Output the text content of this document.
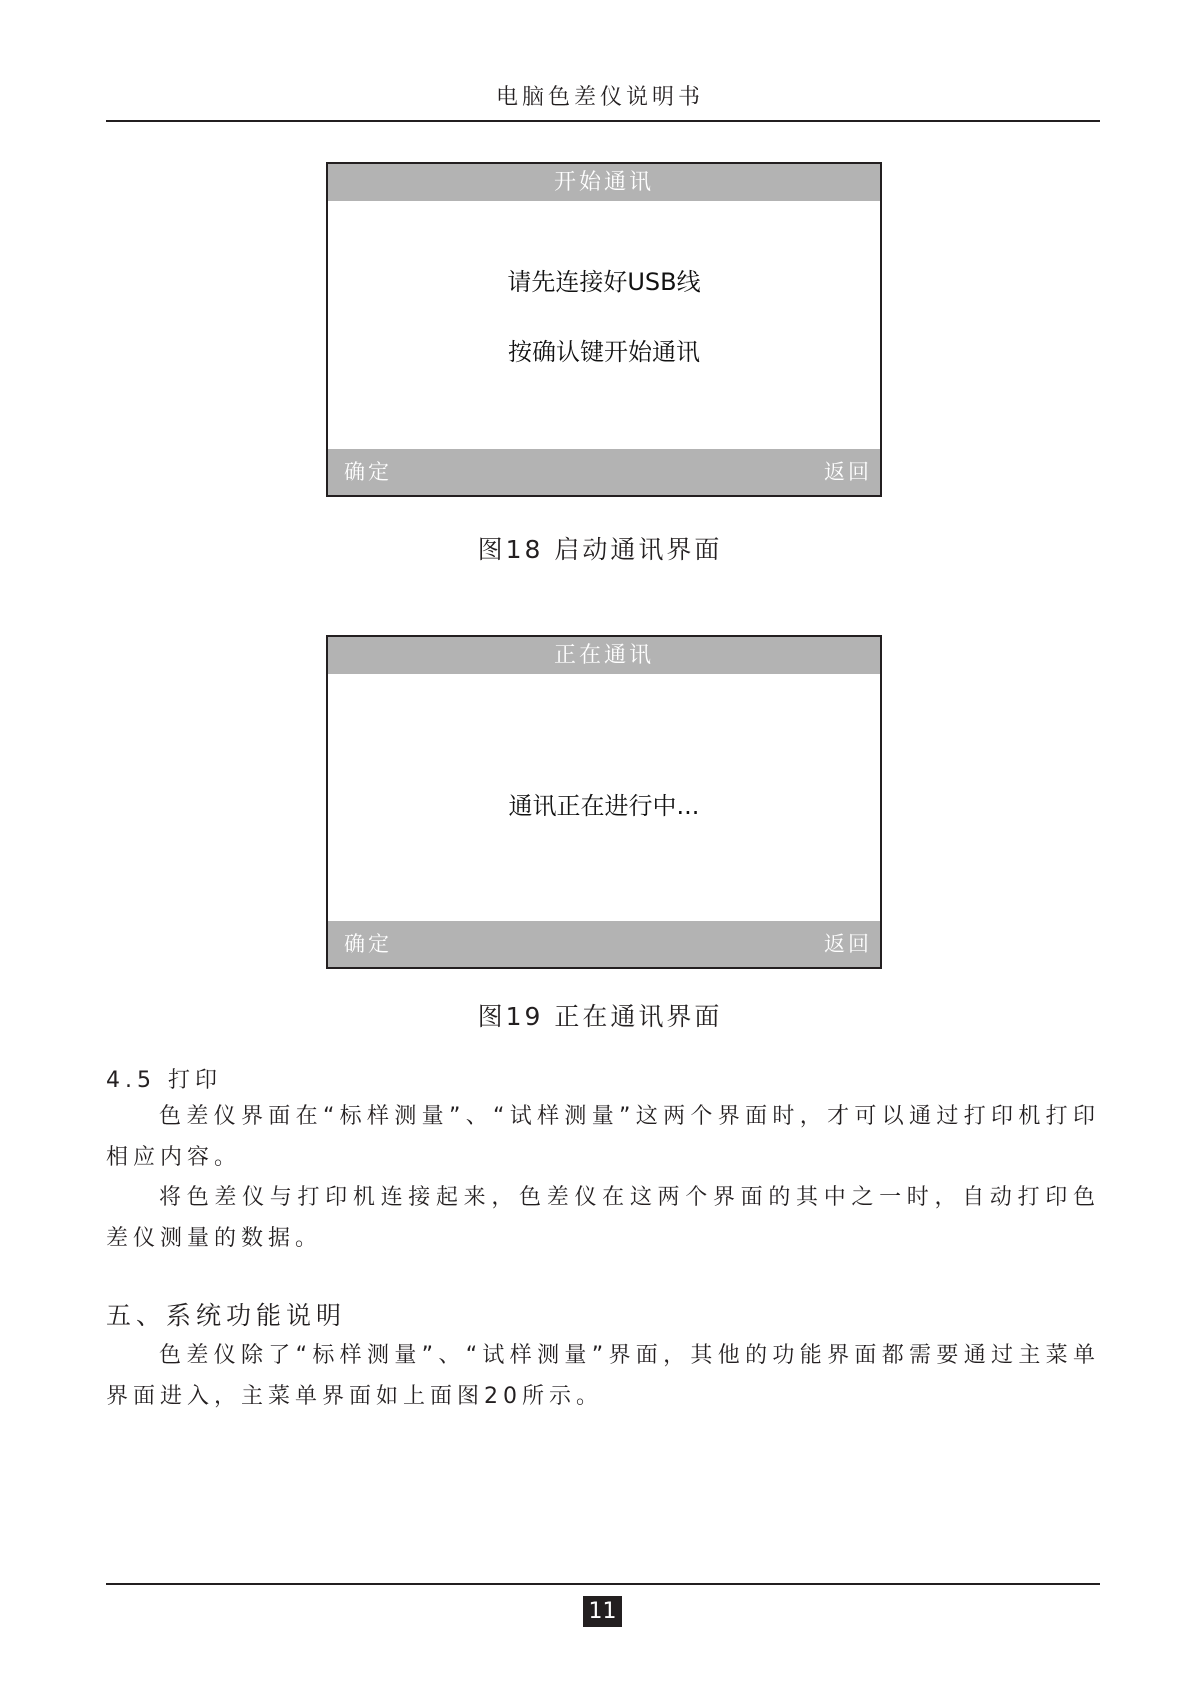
电脑色差仪说明书
开始通讯
请先连接好USB线
按确认键开始通讯
确定	返回
图18 启动通讯界面
正在通讯
通讯正在进行中...
确定	返回
图19 正在通讯界面
4.5 打印
色差仪界面在“标样测量”、“试样测量”这两个界面时，才可以通过打印机打印相应内容。
将色差仪与打印机连接起来，色差仪在这两个界面的其中之一时，自动打印色差仪测量的数据。
五、系统功能说明
色差仪除了“标样测量”、“试样测量”界面，其他的功能界面都需要通过主菜单界面进入，主菜单界面如上面图20所示。
11
